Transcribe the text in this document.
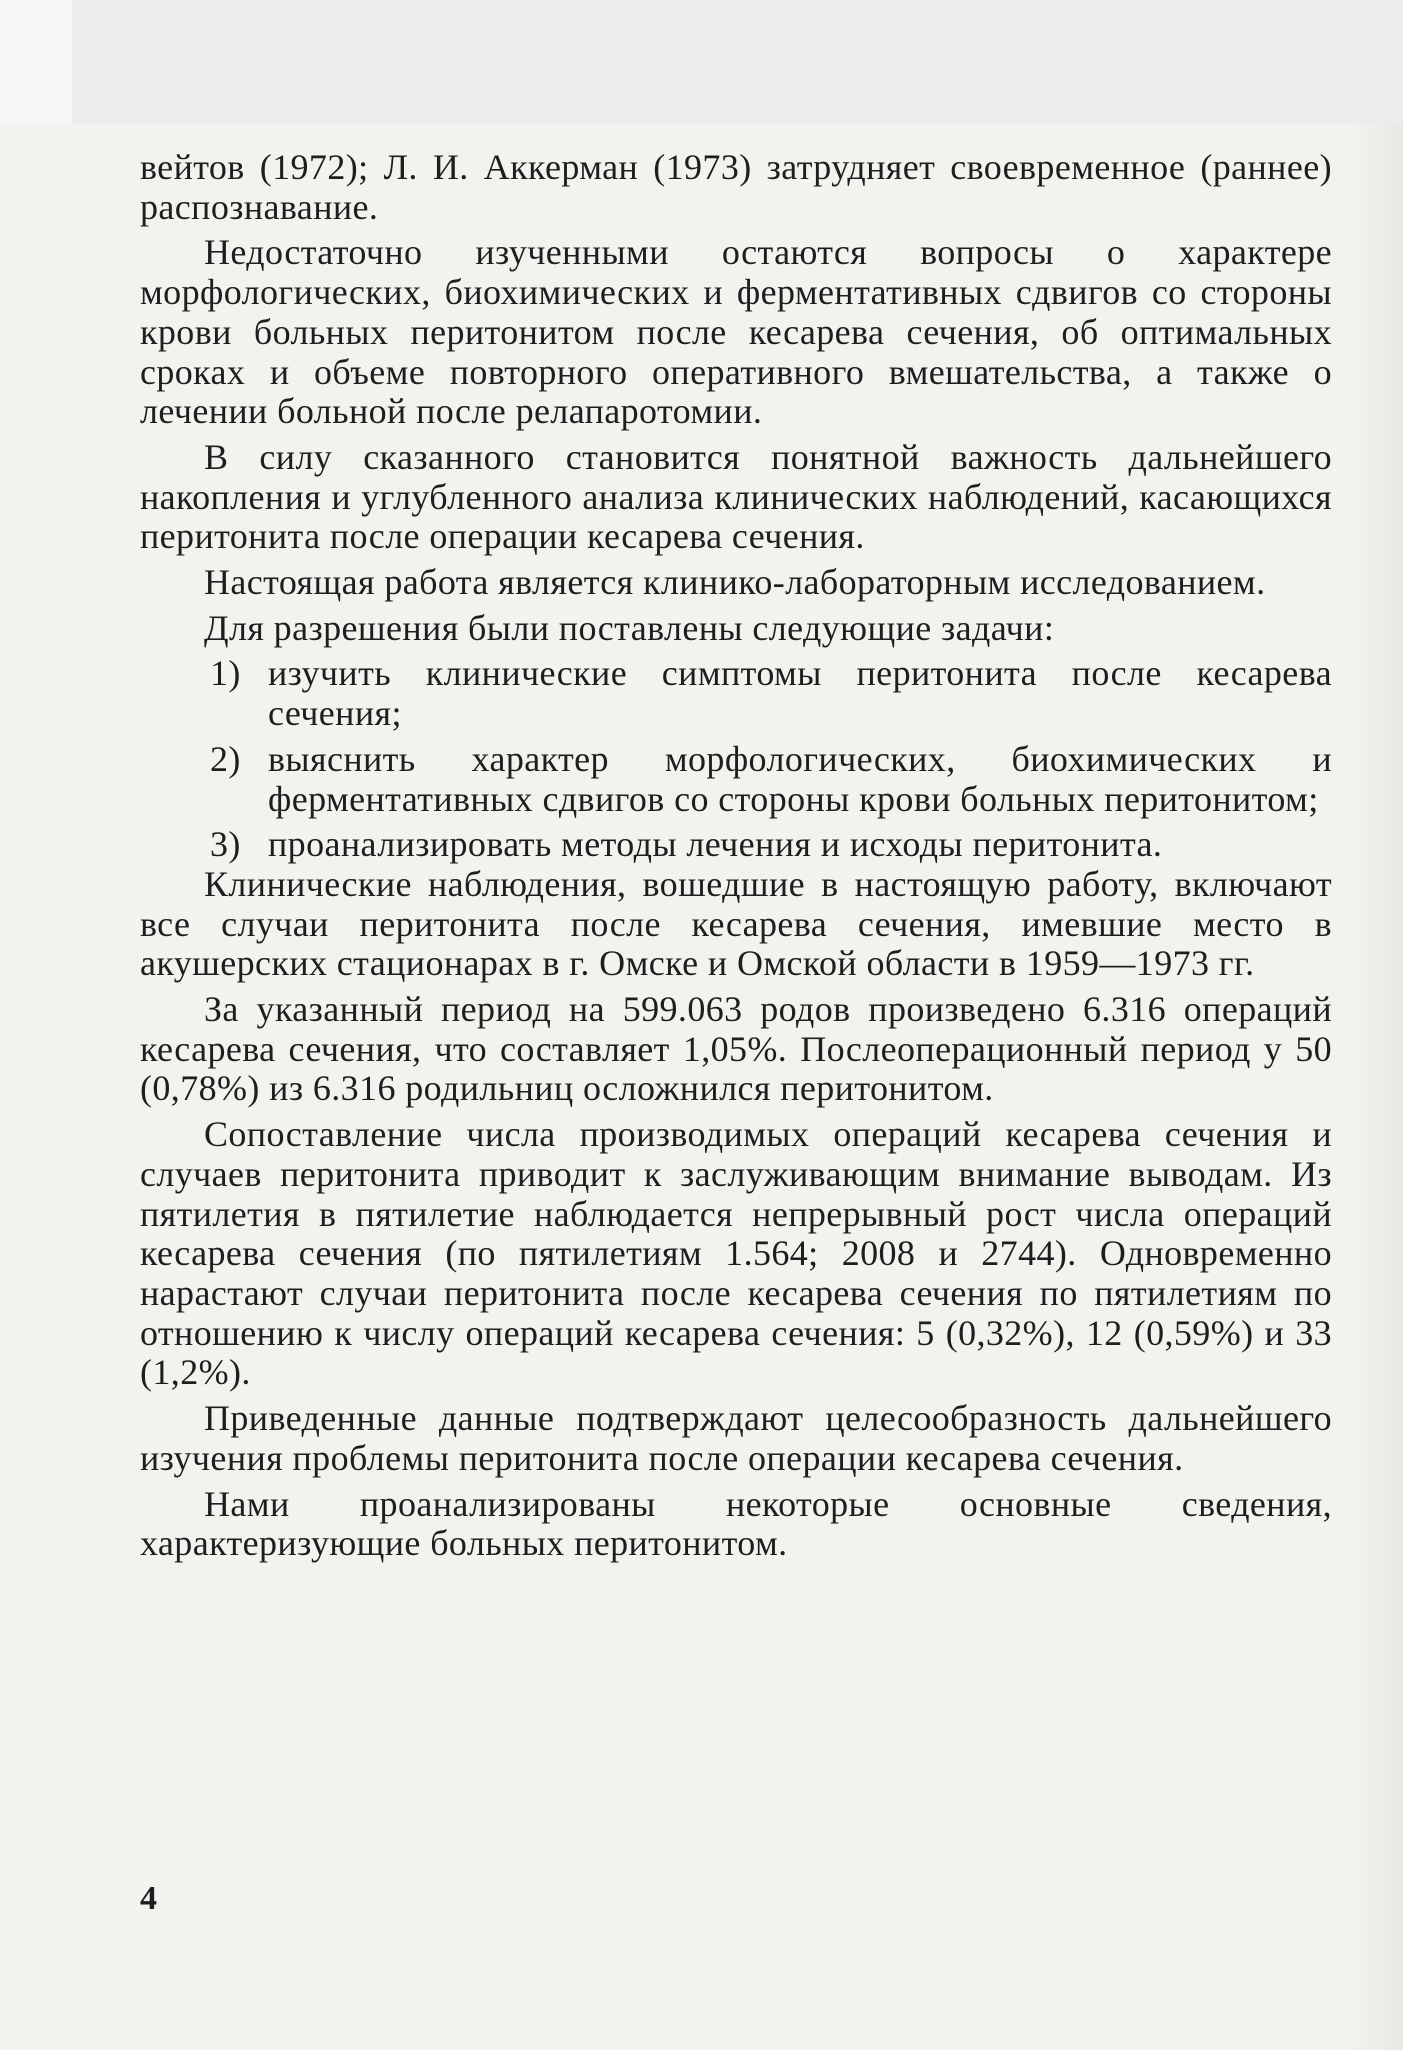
вейтов (1972); Л. И. Аккерман (1973) затрудняет своевременное (раннее) распознавание.

Недостаточно изученными остаются вопросы о характере морфологических, биохимических и ферментативных сдвигов со стороны крови больных перитонитом после кесарева сечения, об оптимальных сроках и объеме повторного оперативного вмешательства, а также о лечении больной после релапаротомии.

В силу сказанного становится понятной важность дальнейшего накопления и углубленного анализа клинических наблюдений, касающихся перитонита после операции кесарева сечения.

Настоящая работа является клинико-лабораторным исследованием.

Для разрешения были поставлены следующие задачи:

1) изучить клинические симптомы перитонита после кесарева сечения;
2) выяснить характер морфологических, биохимических и ферментативных сдвигов со стороны крови больных перитонитом;
3) проанализировать методы лечения и исходы перитонита.

Клинические наблюдения, вошедшие в настоящую работу, включают все случаи перитонита после кесарева сечения, имевшие место в акушерских стационарах в г. Омске и Омской области в 1959—1973 гг.

За указанный период на 599.063 родов произведено 6.316 операций кесарева сечения, что составляет 1,05%. Послеоперационный период у 50 (0,78%) из 6.316 родильниц осложнился перитонитом.

Сопоставление числа производимых операций кесарева сечения и случаев перитонита приводит к заслуживающим внимание выводам. Из пятилетия в пятилетие наблюдается непрерывный рост числа операций кесарева сечения (по пятилетиям 1.564; 2008 и 2744). Одновременно нарастают случаи перитонита после кесарева сечения по пятилетиям по отношению к числу операций кесарева сечения: 5 (0,32%), 12 (0,59%) и 33 (1,2%).

Приведенные данные подтверждают целесообразность дальнейшего изучения проблемы перитонита после операции кесарева сечения.

Нами проанализированы некоторые основные сведения, характеризующие больных перитонитом.

4
